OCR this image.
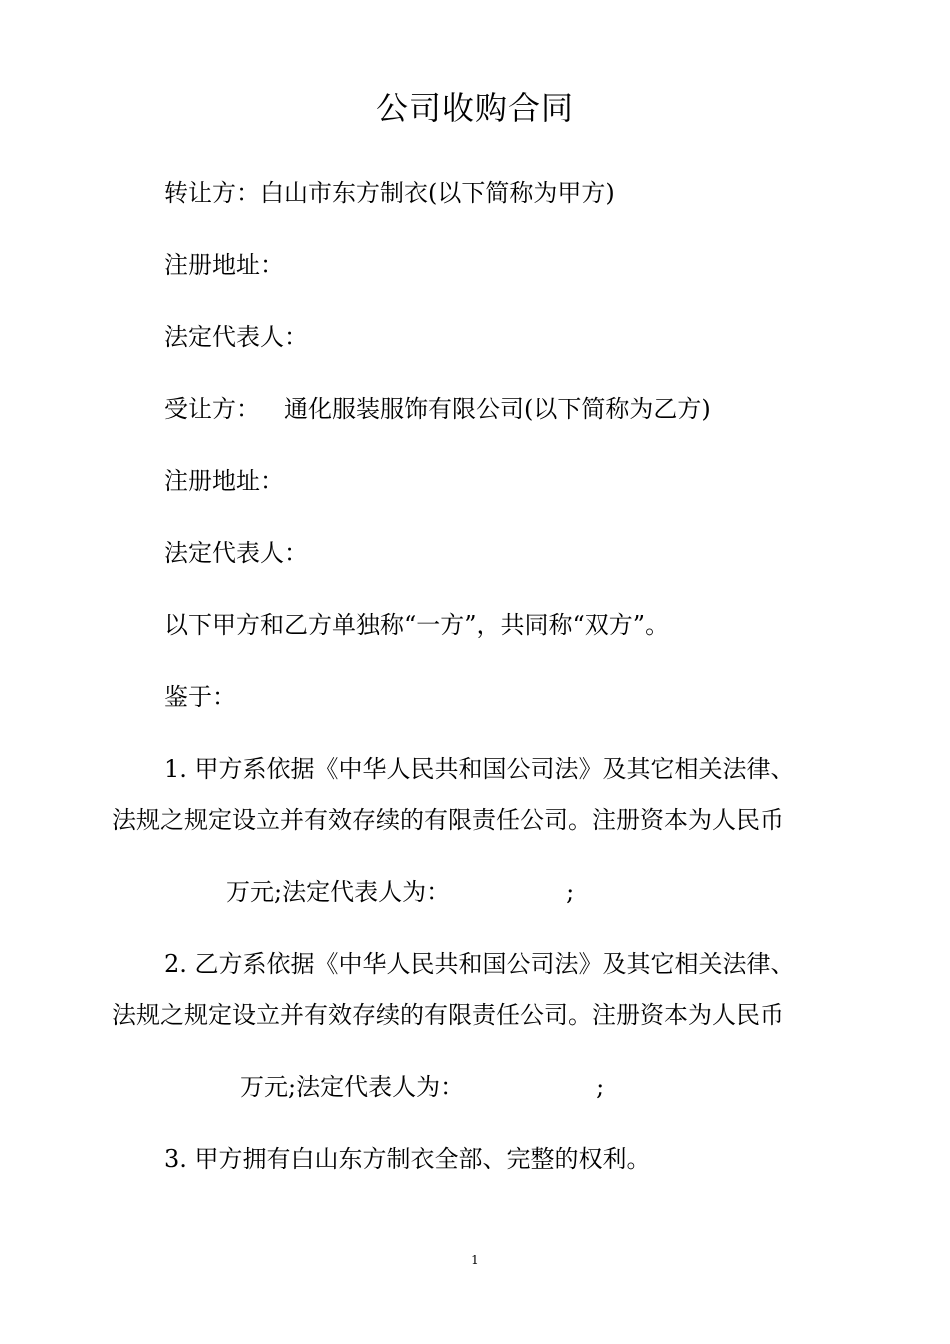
公司收购合同
转让方：白山市东方制衣(以下简称为甲方)
注册地址：
法定代表人：
受让方： 通化服装服饰有限公司(以下简称为乙方)
注册地址：
法定代表人：
以下甲方和乙方单独称“一方”，共同称“双方”。
鉴于：
1. 甲方系依据《中华人民共和国公司法》及其它相关法律、
法规之规定设立并有效存续的有限责任公司。注册资本为人民币
万元;法定代表人为：	;
2. 乙方系依据《中华人民共和国公司法》及其它相关法律、
法规之规定设立并有效存续的有限责任公司。注册资本为人民币
万元;法定代表人为：	;
3. 甲方拥有白山东方制衣全部、完整的权利。
1
